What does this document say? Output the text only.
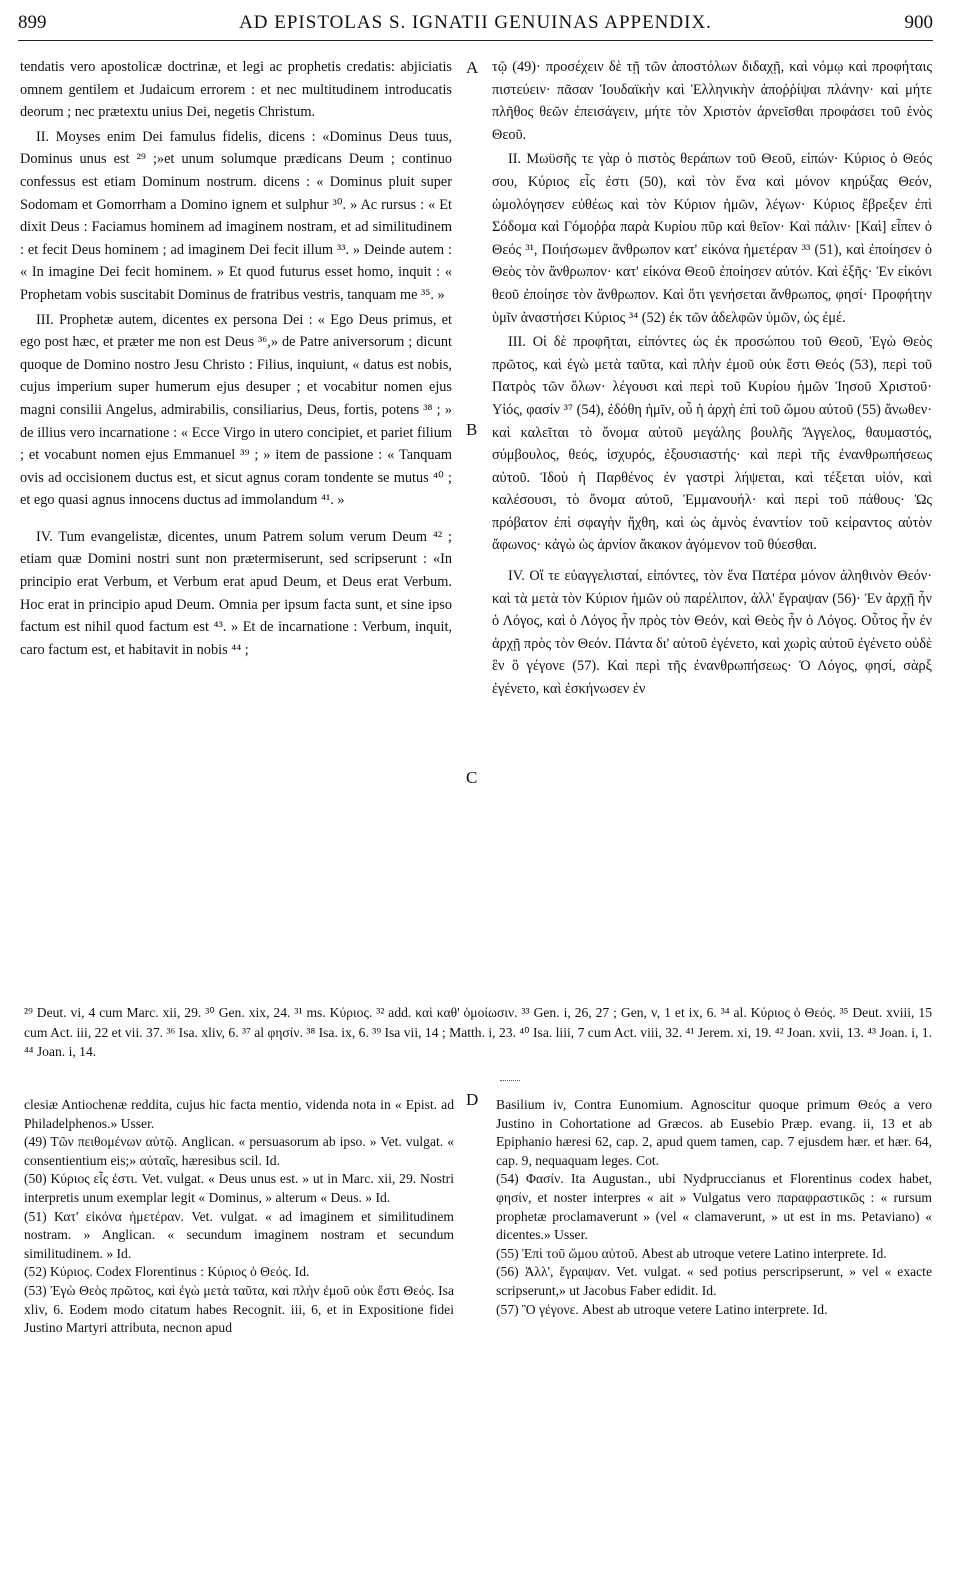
899	AD EPISTOLAS S. IGNATII GENUINAS APPENDIX.	900

tendatis vero apostolicæ doctrinæ, et legi ac prophetis credatis: abjiciatis omnem gentilem et Judaicum errorem : et nec multitudinem introducatis deorum ; nec prætextu unius Dei, negetis Christum.

II. Moyses enim Dei famulus fidelis, dicens : «Dominus Deus tuus, Dominus unus est ²⁹ ;»et unum solumque prædicans Deum ; continuo confessus est etiam Dominum nostrum. dicens : « Dominus pluit super Sodomam et Gomorrham a Domino ignem et sulphur ³⁰. » Ac rursus : « Et dixit Deus : Faciamus hominem ad imaginem nostram, et ad similitudinem : et fecit Deus hominem ; ad imaginem Dei fecit illum ³³. » Deinde autem : « In imagine Dei fecit hominem. » Et quod futurus esset homo, inquit : « Prophetam vobis suscitabit Dominus de fratribus vestris, tanquam me ³⁵. »

III. Prophetæ autem, dicentes ex persona Dei : « Ego Deus primus, et ego post hæc, et præter me non est Deus ³⁶,» de Patre aniversorum ; dicunt quoque de Domino nostro Jesu Christo : Filius, inquiunt, « datus est nobis, cujus imperium super humerum ejus desuper ; et vocabitur nomen ejus magni consilii Angelus, admirabilis, consiliarius, Deus, fortis, potens ³⁸ ; » de illius vero incarnatione : « Ecce Virgo in utero concipiet, et pariet filium ; et vocabunt nomen ejus Emmanuel ³⁹ ; » item de passione : « Tanquam ovis ad occisionem ductus est, et sicut agnus coram tondente se mutus ⁴⁰ ; et ego quasi agnus innocens ductus ad immolandum ⁴¹. »

IV. Tum evangelistæ, dicentes, unum Patrem solum verum Deum ⁴² ; etiam quæ Domini nostri sunt non prætermiserunt, sed scripserunt : «In principio erat Verbum, et Verbum erat apud Deum, et Deus erat Verbum. Hoc erat in principio apud Deum. Omnia per ipsum facta sunt, et sine ipso factum est nihil quod factum est ⁴³. » Et de incarnatione : Verbum, inquit, caro factum est, et habitavit in nobis ⁴⁴ ;

A
B
C
D

τῷ (49)· προσέχειν δὲ τῇ τῶν ἀποστόλων διδαχῇ, καὶ νόμῳ καὶ προφήταις πιστεύειν· πᾶσαν Ἰουδαϊκὴν καὶ Ἑλληνικὴν ἀποῤῥίψαι πλάνην· καὶ μήτε πλῆθος θεῶν ἐπεισάγειν, μήτε τὸν Χριστὸν ἀρνεῖσθαι προφάσει τοῦ ἑνὸς Θεοῦ.

II. Μωϋσῆς τε γὰρ ὁ πιστὸς θεράπων τοῦ Θεοῦ, εἰπών· Κύριος ὁ Θεός σου, Κύριος εἷς ἐστι (50), καὶ τὸν ἕνα καὶ μόνον κηρύξας Θεόν, ὡμολόγησεν εὐθέως καὶ τὸν Κύριον ἡμῶν, λέγων· Κύριος ἔβρεξεν ἐπὶ Σόδομα καὶ Γόμοῤῥα παρὰ Κυρίου πῦρ καὶ θεῖον· Καὶ πάλιν· [Καὶ] εἶπεν ὁ Θεός ³¹, Ποιήσωμεν ἄνθρωπον κατ' εἰκόνα ἡμετέραν ³³ (51), καὶ ἐποίησεν ὁ Θεὸς τὸν ἄνθρωπον· κατ' εἰκόνα Θεοῦ ἐποίησεν αὐτόν. Καὶ ἑξῆς· Ἐν εἰκόνι θεοῦ ἐποίησε τὸν ἄνθρωπον. Καὶ ὅτι γενήσεται ἄνθρωπος, φησί· Προφήτην ὑμῖν ἀναστήσει Κύριος ³⁴ (52) ἐκ τῶν ἀδελφῶν ὑμῶν, ὡς ἐμέ.

III. Οἱ δὲ προφῆται, εἰπόντες ὡς ἐκ προσώπου τοῦ Θεοῦ, Ἐγὼ Θεὸς πρῶτος, καὶ ἐγὼ μετὰ ταῦτα, καὶ πλὴν ἐμοῦ οὐκ ἔστι Θεός (53), περὶ τοῦ Πατρὸς τῶν ὅλων· λέγουσι καὶ περὶ τοῦ Κυρίου ἡμῶν Ἰησοῦ Χριστοῦ· Υἱός, φασίν ³⁷ (54), ἐδόθη ἡμῖν, οὗ ἡ ἀρχὴ ἐπὶ τοῦ ὤμου αὐτοῦ (55) ἄνωθεν· καὶ καλεῖται τὸ ὄνομα αὐτοῦ μεγάλης βουλῆς Ἄγγελος, θαυμαστός, σύμβουλος, θεός, ἰσχυρός, ἐξουσιαστής· καὶ περὶ τῆς ἐνανθρωπήσεως αὐτοῦ. Ἰδοὺ ἡ Παρθένος ἐν γαστρὶ λήψεται, καὶ τέξεται υἱόν, καὶ καλέσουσι, τὸ ὄνομα αὐτοῦ, Ἐμμανουήλ· καὶ περὶ τοῦ πάθους· Ὡς πρόβατον ἐπὶ σφαγὴν ἤχθη, καὶ ὡς ἀμνὸς ἐναντίον τοῦ κείραντος αὐτὸν ἄφωνος· κἀγὼ ὡς ἀρνίον ἄκακον ἀγόμενον τοῦ θύεσθαι.

IV. Οἵ τε εὐαγγελισταί, εἰπόντες, τὸν ἕνα Πατέρα μόνον ἀληθινὸν Θεόν· καὶ τὰ μετὰ τὸν Κύριον ἡμῶν οὐ παρέλιπον, ἀλλ' ἔγραψαν (56)· Ἐν ἀρχῇ ἦν ὁ Λόγος, καὶ ὁ Λόγος ἦν πρὸς τὸν Θεόν, καὶ Θεὸς ἦν ὁ Λόγος. Οὗτος ἦν ἐν ἀρχῇ πρὸς τὸν Θεόν. Πάντα δι' αὐτοῦ ἐγένετο, καὶ χωρὶς αὐτοῦ ἐγένετο οὐδὲ ἓν ὃ γέγονε (57). Καὶ περὶ τῆς ἐνανθρωπήσεως· Ὁ Λόγος, φησί, σὰρξ ἐγένετο, καὶ ἐσκήνωσεν ἐν

²⁹ Deut. vi, 4 cum Marc. xii, 29. ³⁰ Gen. xix, 24. ³¹ ms. Κύριος. ³² add. καὶ καθ' ὁμοίωσιν. ³³ Gen. i, 26, 27 ; Gen, v, 1 et ix, 6. ³⁴ al. Κύριος ὁ Θεός. ³⁵ Deut. xviii, 15 cum Act. iii, 22 et vii. 37. ³⁶ Isa. xliv, 6. ³⁷ al φησίν. ³⁸ Isa. ix, 6. ³⁹ Isa vii, 14 ; Matth. i, 23. ⁴⁰ Isa. liii, 7 cum Act. viii, 32. ⁴¹ Jerem. xi, 19. ⁴² Joan. xvii, 13. ⁴³ Joan. i, 1. ⁴⁴ Joan. i, 14.

clesiæ Antiochenæ reddita, cujus hic facta mentio, videnda nota in « Epist. ad Philadelphenos.» Usser.

(49) Τῶν πειθομένων αὐτῷ. Anglican. « persuasorum ab ipso. » Vet. vulgat. « consentientium eis;» αὐταῖς, hæresibus scil. Id.

(50) Κύριος εἷς ἐστι. Vet. vulgat. « Deus unus est. » ut in Marc. xii, 29. Nostri interpretis unum exemplar legit « Dominus, » alterum « Deus. » Id.

(51) Κατ' εἰκόνα ἡμετέραν. Vet. vulgat. « ad imaginem et similitudinem nostram. » Anglican. « secundum imaginem nostram et secundum similitudinem. » Id.

(52) Κύριος. Codex Florentinus : Κύριος ὁ Θεός. Id.

(53) Ἐγὼ Θεὸς πρῶτος, καὶ ἐγὼ μετὰ ταῦτα, καὶ πλὴν ἐμοῦ οὐκ ἔστι Θεός. Isa xliv, 6. Eodem modo citatum habes Recognit. iii, 6, et in Expositione fidei Justino Martyri attributa, necnon apud

Basilium iv, Contra Eunomium. Agnoscitur quoque primum Θεός a vero Justino in Cohortatione ad Græcos. ab Eusebio Præp. evang. ii, 13 et ab Epiphanio hæresi 62, cap. 2, apud quem tamen, cap. 7 ejusdem hær. et hær. 64, cap. 9, nequaquam leges. Cot.

(54) Φασίν. Ita Augustan., ubi Nydpruccianus et Florentinus codex habet, φησίν, et noster interpres « ait » Vulgatus vero παραφραστικῶς : « rursum prophetæ proclamaverunt » (vel « clamaverunt, » ut est in ms. Petaviano) « dicentes.» Usser.

(55) Ἐπὶ τοῦ ὤμου αὐτοῦ. Abest ab utroque vetere Latino interprete. Id.

(56) Ἀλλ', ἔγραψαν. Vet. vulgat. « sed potius perscripserunt, » vel « exacte scripserunt,» ut Jacobus Faber edidit. Id.

(57) Ὃ γέγονε. Abest ab utroque vetere Latino interprete. Id.
